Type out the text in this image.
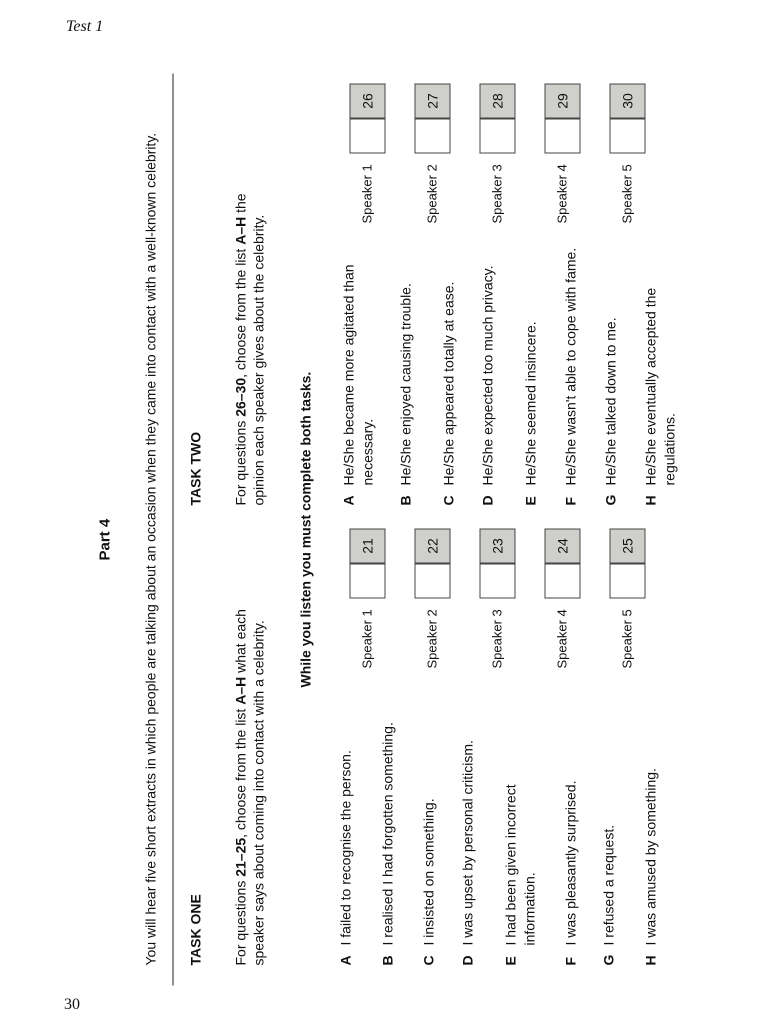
Test 1
30
Part 4 You will hear five short extracts in which people are talking about an occasion when they came into contact with a well-known celebrity. TASK ONE For questions 21–25, choose from the list A–H what each speaker says about coming into contact with a celebrity.
TASK TWO For questions 26–30, choose from the list A–H the
opinion each speaker gives about the celebrity.
While you listen you must complete both tasks.
A
I failed to recognise the person.
B
I realised I had forgotten something.
C
I insisted on something.
D
I was upset by personal criticism.
E
I had been given incorrect information.
F
I was pleasantly surprised.
G
I refused a request.
H
I was amused by something.
A
He/She became more agitated than necessary.
B
He/She enjoyed causing trouble.
C
He/She appeared totally at ease.
D
He/She expected too much privacy.
E
He/She seemed insincere.
F
He/She wasn't able to cope with fame.
G
He/She talked down to me.
H
He/She eventually accepted the regulations.
Speaker 1
21
Speaker 2
22
Speaker 3
23
Speaker 4
24
Speaker 5
25
Speaker 1
26
Speaker 2
27
Speaker 3
28
Speaker 4
29
Speaker 5
30
